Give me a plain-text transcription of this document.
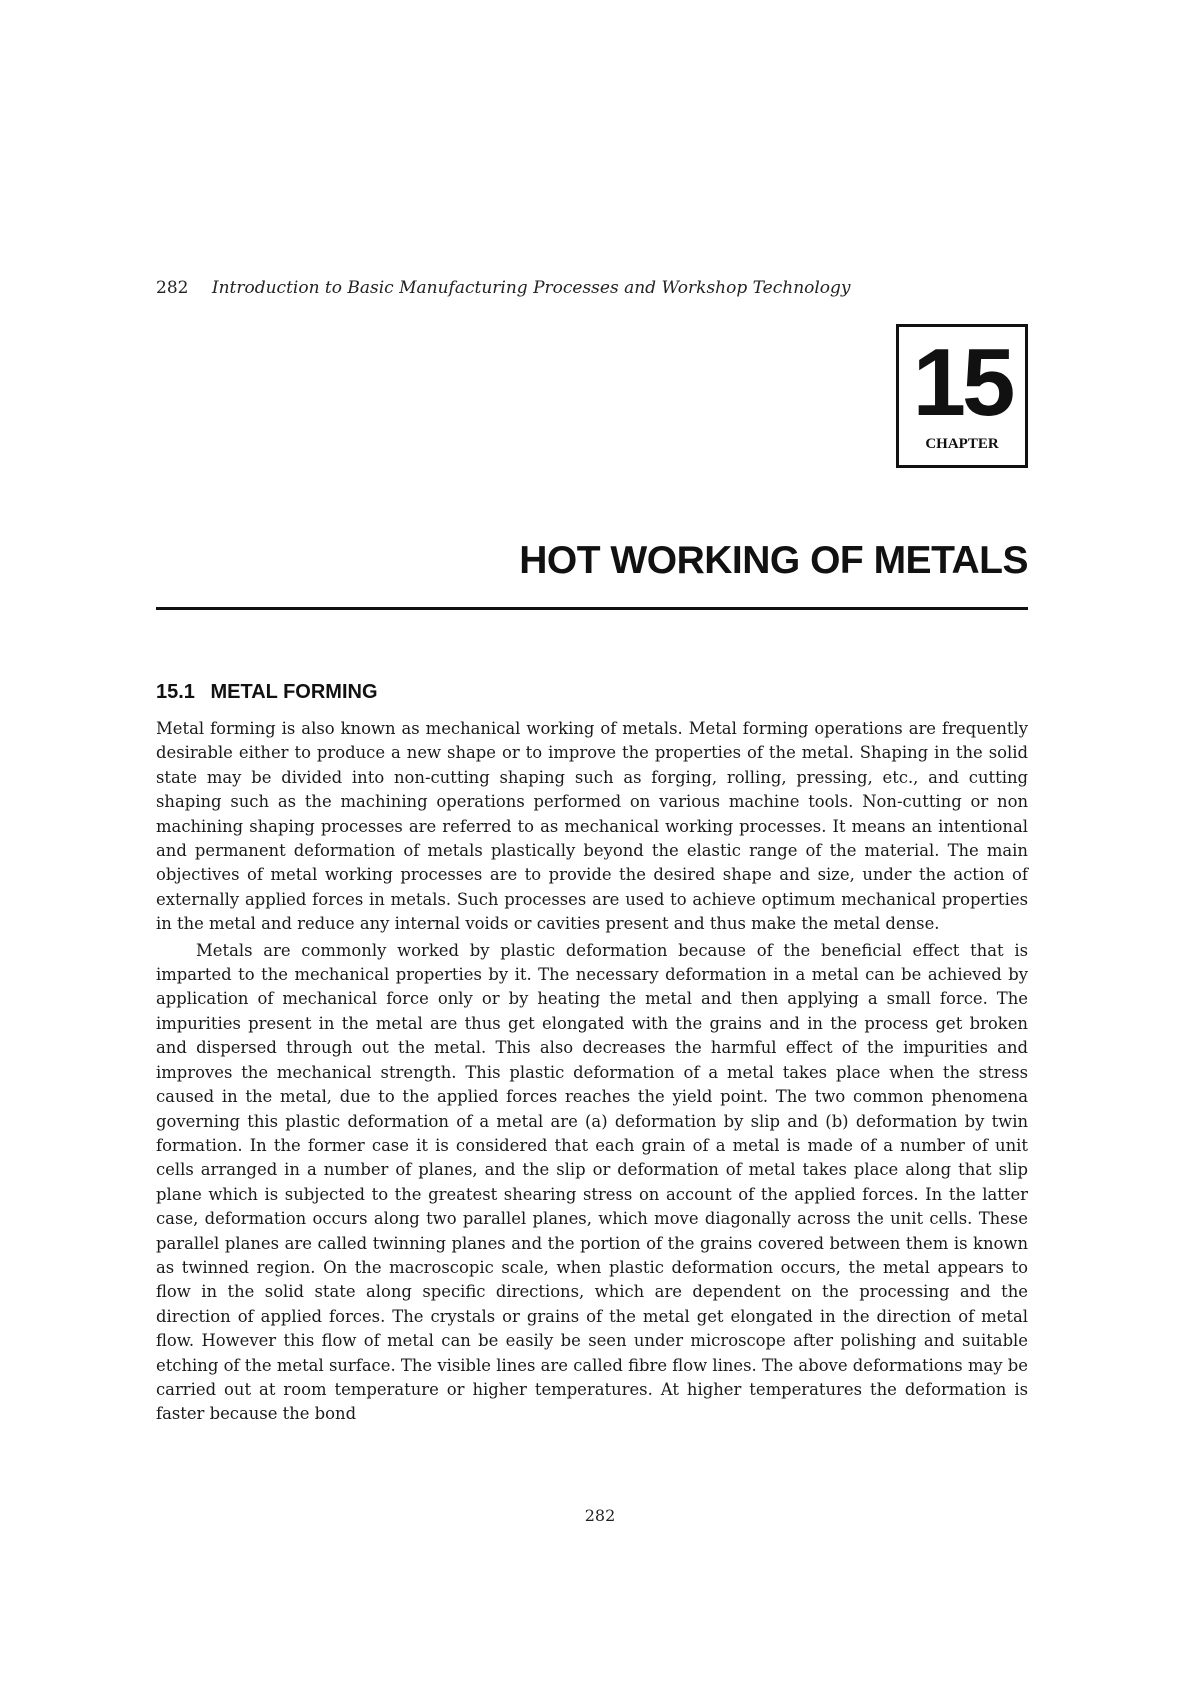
282 Introduction to Basic Manufacturing Processes and Workshop Technology
15
CHAPTER
HOT WORKING OF METALS
15.1 METAL FORMING

Metal forming is also known as mechanical working of metals. Metal forming operations are frequently desirable either to produce a new shape or to improve the properties of the metal. Shaping in the solid state may be divided into non-cutting shaping such as forging, rolling, pressing, etc., and cutting shaping such as the machining operations performed on various machine tools. Non-cutting or non machining shaping processes are referred to as mechanical working processes. It means an intentional and permanent deformation of metals plastically beyond the elastic range of the material. The main objectives of metal working processes are to provide the desired shape and size, under the action of externally applied forces in metals. Such processes are used to achieve optimum mechanical properties in the metal and reduce any internal voids or cavities present and thus make the metal dense.

Metals are commonly worked by plastic deformation because of the beneficial effect that is imparted to the mechanical properties by it. The necessary deformation in a metal can be achieved by application of mechanical force only or by heating the metal and then applying a small force. The impurities present in the metal are thus get elongated with the grains and in the process get broken and dispersed through out the metal. This also decreases the harmful effect of the impurities and improves the mechanical strength. This plastic deformation of a metal takes place when the stress caused in the metal, due to the applied forces reaches the yield point. The two common phenomena governing this plastic deformation of a metal are (a) deformation by slip and (b) deformation by twin formation. In the former case it is considered that each grain of a metal is made of a number of unit cells arranged in a number of planes, and the slip or deformation of metal takes place along that slip plane which is subjected to the greatest shearing stress on account of the applied forces. In the latter case, deformation occurs along two parallel planes, which move diagonally across the unit cells. These parallel planes are called twinning planes and the portion of the grains covered between them is known as twinned region. On the macroscopic scale, when plastic deformation occurs, the metal appears to flow in the solid state along specific directions, which are dependent on the processing and the direction of applied forces. The crystals or grains of the metal get elongated in the direction of metal flow. However this flow of metal can be easily be seen under microscope after polishing and suitable etching of the metal surface. The visible lines are called fibre flow lines. The above deformations may be carried out at room temperature or higher temperatures. At higher temperatures the deformation is faster because the bond

282
